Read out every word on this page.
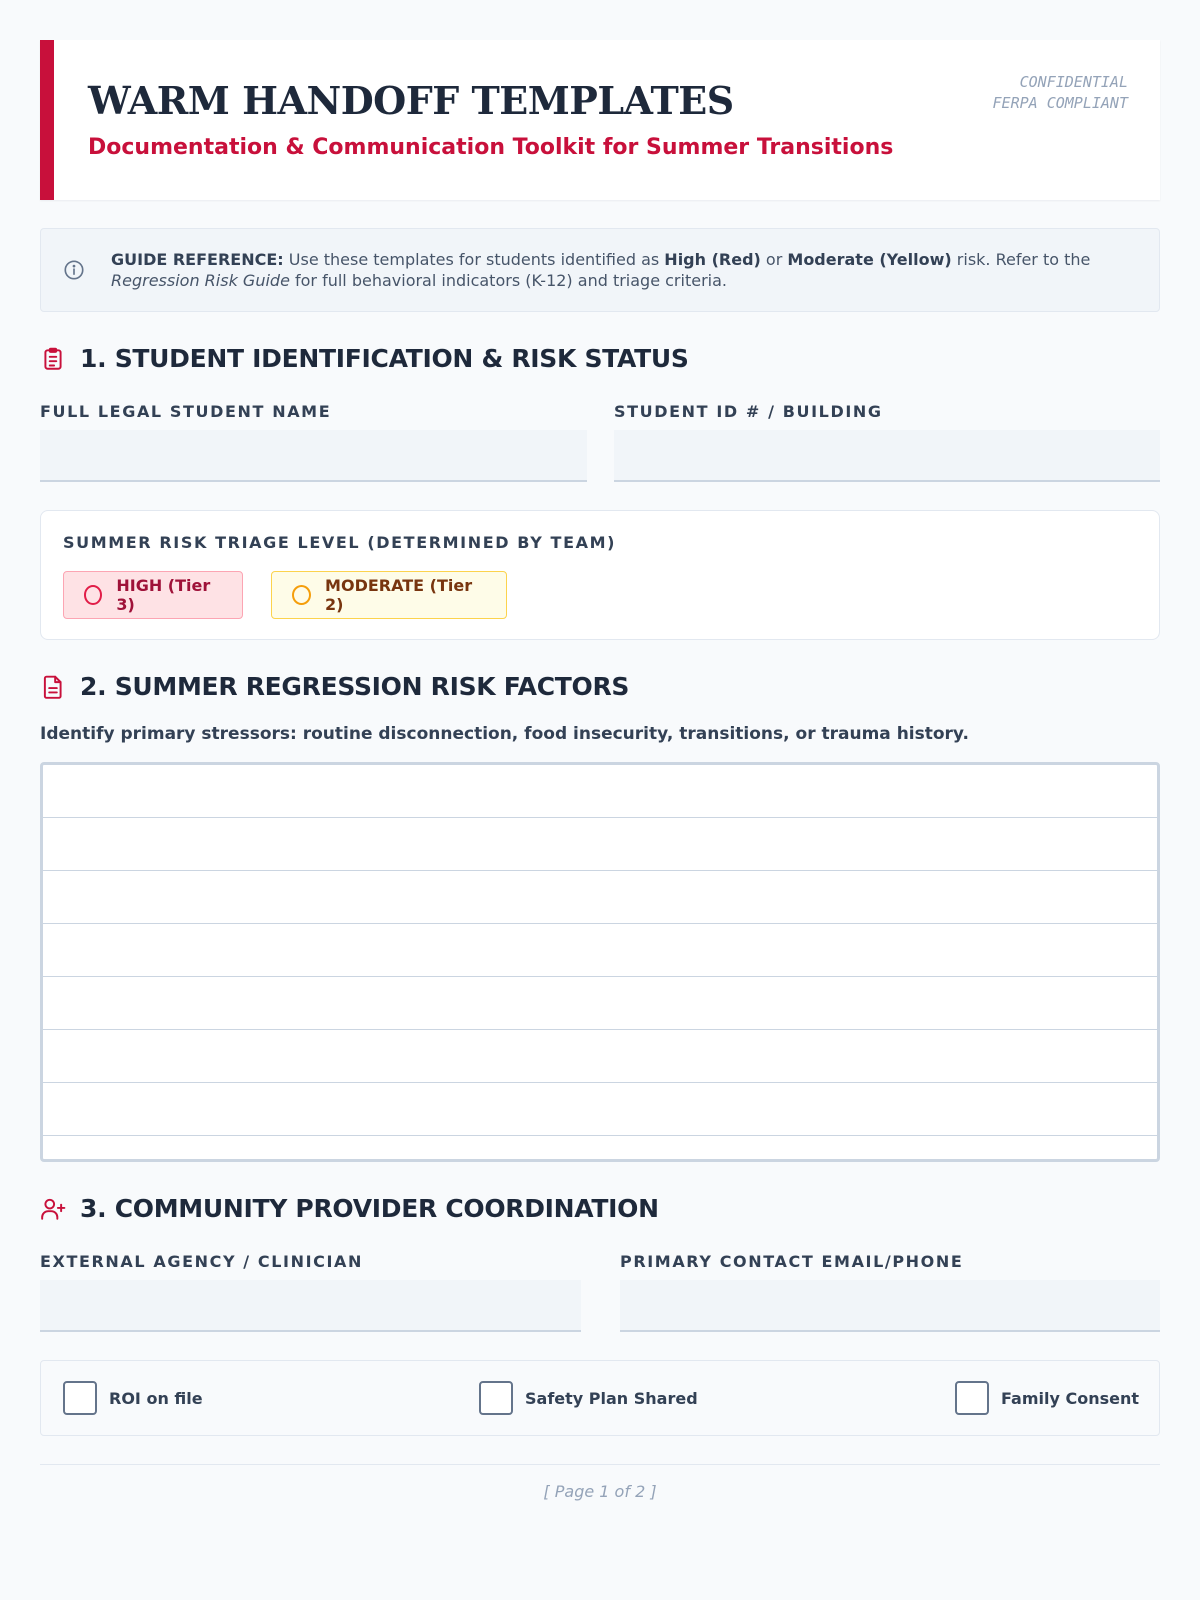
WARM HANDOFF TEMPLATES
Documentation & Communication Toolkit for Summer Transitions
CONFIDENTIAL
FERPA COMPLIANT
GUIDE REFERENCE: Use these templates for students identified as High (Red) or Moderate (Yellow) risk. Refer to the Regression Risk Guide for full behavioral indicators (K-12) and triage criteria.
1. STUDENT IDENTIFICATION & RISK STATUS
FULL LEGAL STUDENT NAME	STUDENT ID # / BUILDING
SUMMER RISK TRIAGE LEVEL (DETERMINED BY TEAM)
HIGH (Tier 3)
MODERATE (Tier 2)
2. SUMMER REGRESSION RISK FACTORS
Identify primary stressors: routine disconnection, food insecurity, transitions, or trauma history.
3. COMMUNITY PROVIDER COORDINATION
EXTERNAL AGENCY / CLINICIAN	PRIMARY CONTACT EMAIL/PHONE
ROI on file	Safety Plan Shared	Family Consent
[ Page 1 of 2 ]
